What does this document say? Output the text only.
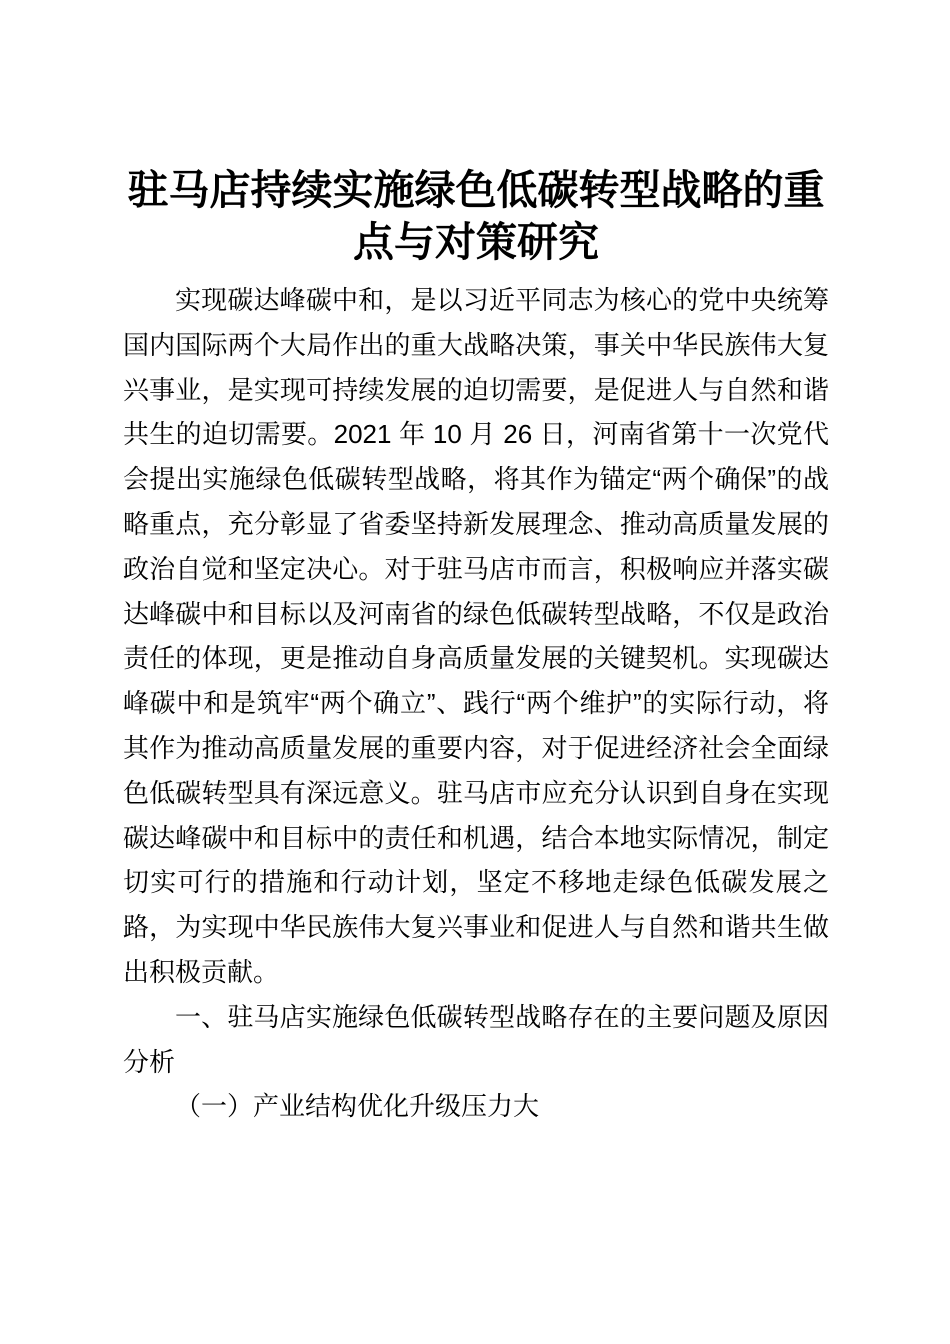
驻马店持续实施绿色低碳转型战略的重点与对策研究

实现碳达峰碳中和，是以习近平同志为核心的党中央统筹国内国际两个大局作出的重大战略决策，事关中华民族伟大复兴事业，是实现可持续发展的迫切需要，是促进人与自然和谐共生的迫切需要。2021 年 10 月 26 日，河南省第十一次党代会提出实施绿色低碳转型战略，将其作为锚定“两个确保”的战略重点，充分彰显了省委坚持新发展理念、推动高质量发展的政治自觉和坚定决心。对于驻马店市而言，积极响应并落实碳达峰碳中和目标以及河南省的绿色低碳转型战略，不仅是政治责任的体现，更是推动自身高质量发展的关键契机。实现碳达峰碳中和是筑牢“两个确立”、践行“两个维护”的实际行动，将其作为推动高质量发展的重要内容，对于促进经济社会全面绿色低碳转型具有深远意义。驻马店市应充分认识到自身在实现碳达峰碳中和目标中的责任和机遇，结合本地实际情况，制定切实可行的措施和行动计划，坚定不移地走绿色低碳发展之路，为实现中华民族伟大复兴事业和促进人与自然和谐共生做出积极贡献。

一、驻马店实施绿色低碳转型战略存在的主要问题及原因分析

（一）产业结构优化升级压力大
